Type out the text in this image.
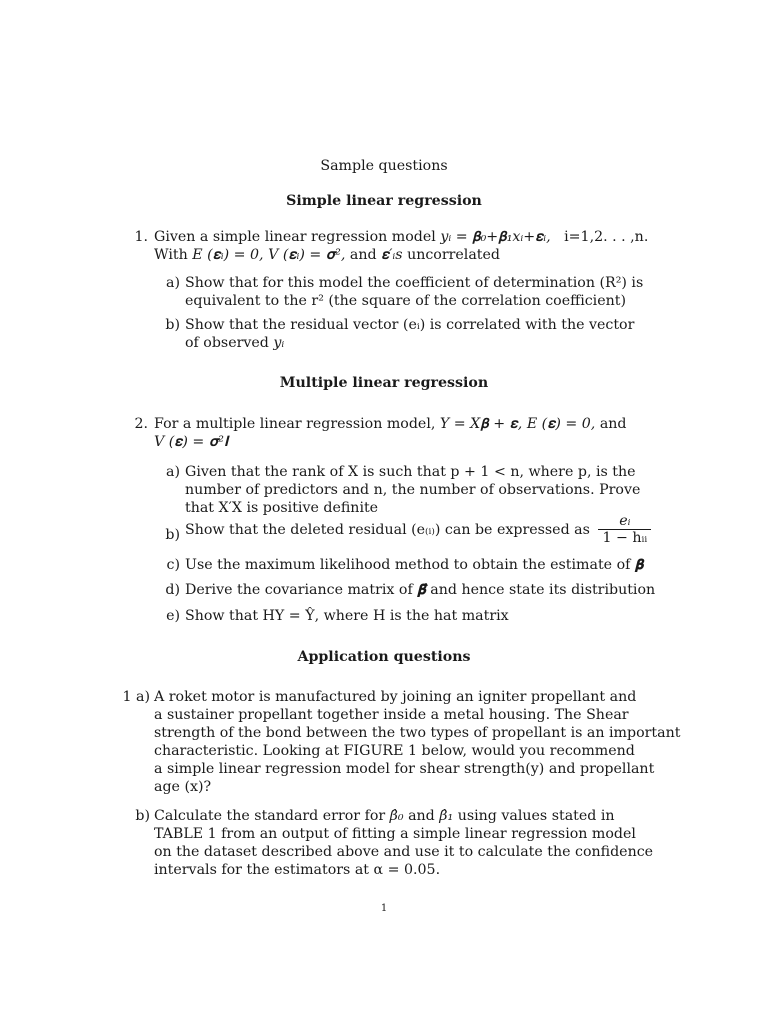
Sample questions
Simple linear regression
1. Given a simple linear regression model yᵢ = 𝛃₀+𝛃₁xᵢ+𝛆ᵢ, i=1,2. . . ,n.
With E (𝛆ᵢ) = 0, V (𝛆ᵢ) = 𝛔², and 𝛆′ᵢs uncorrelated
a) Show that for this model the coefficient of determination (R²) is
equivalent to the r² (the square of the correlation coefficient)
b) Show that the residual vector (eᵢ) is correlated with the vector
of observed yᵢ
Multiple linear regression
2. For a multiple linear regression model, Y = X𝛃 + 𝛆, E (𝛆) = 0, and
V (𝛆) = 𝛔²𝐈
a) Given that the rank of X is such that p + 1 < n, where p, is the
number of predictors and n, the number of observations. Prove
that X′X is positive definite
b) Show that the deleted residual (e₍ᵢ₎) can be expressed as $\frac{\text{eᵢ}}{\text{1 − hᵢᵢ}}$
c) Use the maximum likelihood method to obtain the estimate of 𝛃
d) Derive the covariance matrix of 𝛃̂ and hence state its distribution
e) Show that HY = Ŷ, where H is the hat matrix
Application questions
1 a) A roket motor is manufactured by joining an igniter propellant and
a sustainer propellant together inside a metal housing. The Shear
strength of the bond between the two types of propellant is an important
characteristic. Looking at FIGURE 1 below, would you recommend
a simple linear regression model for shear strength(y) and propellant
age (x)?
b) Calculate the standard error for β̂₀ and β̂₁ using values stated in
TABLE 1 from an output of fitting a simple linear regression model
on the dataset described above and use it to calculate the confidence
intervals for the estimators at α = 0.05.
1
